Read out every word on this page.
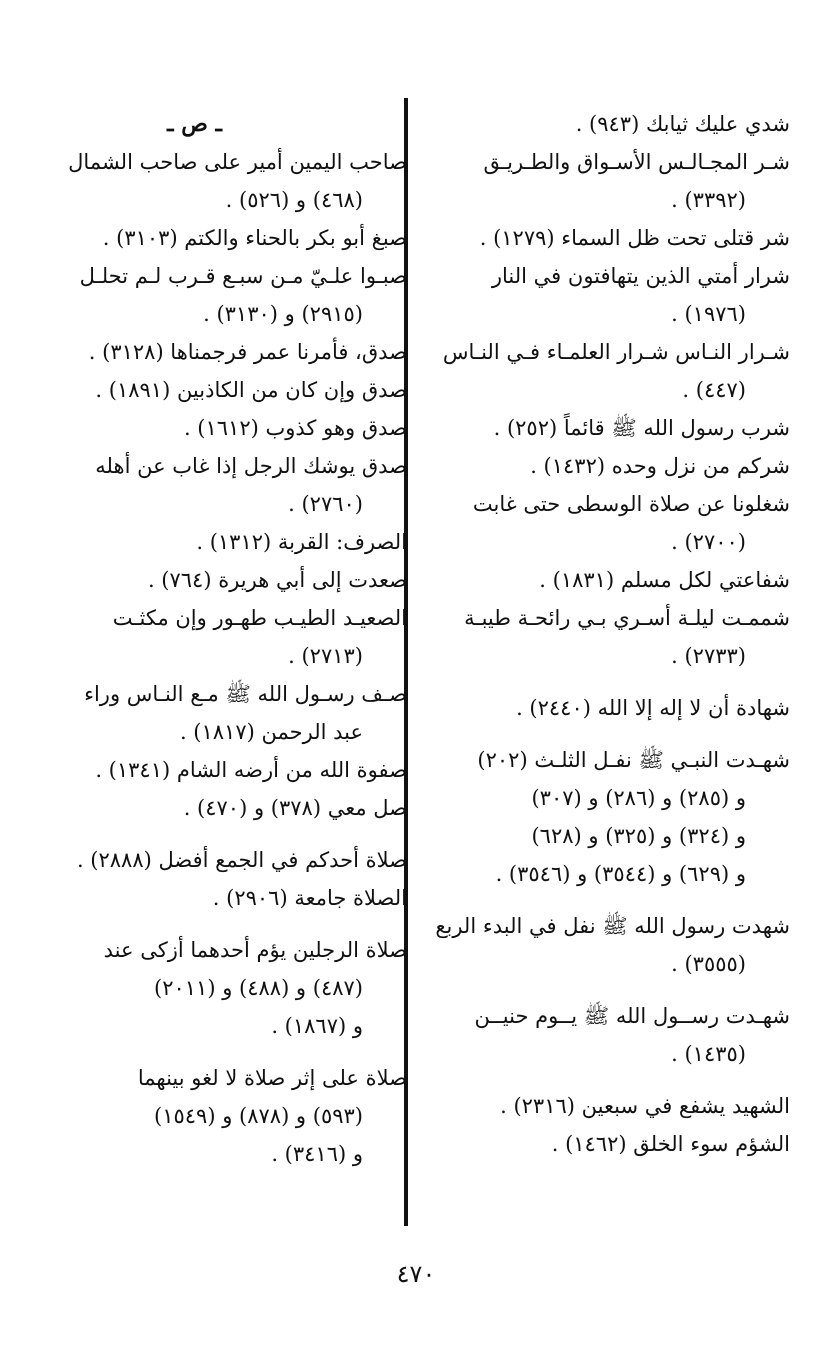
شدي عليك ثيابك (٩٤٣) .
شـر المجـالـس الأسـواق والطـريـق
(٣٣٩٢) .
شر قتلى تحت ظل السماء (١٢٧٩) .
شرار أمتي الذين يتهافتون في النار
(١٩٧٦) .
شـرار النـاس شـرار العلمـاء فـي النـاس
(٤٤٧) .
شرب رسول الله ﷺ قائماً (٢٥٢) .
شركم من نزل وحده (١٤٣٢) .
شغلونا عن صلاة الوسطى حتى غابت
(٢٧٠٠) .
شفاعتي لكل مسلم (١٨٣١) .
شممـت ليلـة أسـري بـي رائحـة طيبـة
(٢٧٣٣) .
شهادة أن لا إله إلا الله (٢٤٤٠) .
شهـدت النبـي ﷺ نفـل الثلـث (٢٠٢)
و (٢٨٥) و (٢٨٦) و (٣٠٧)
و (٣٢٤) و (٣٢٥) و (٦٢٨)
و (٦٢٩) و (٣٥٤٤) و (٣٥٤٦) .
شهدت رسول الله ﷺ نفل في البدء الربع
(٣٥٥٥) .
شهـدت رســول الله ﷺ يــوم حنيــن
(١٤٣٥) .
الشهيد يشفع في سبعين (٢٣١٦) .
الشؤم سوء الخلق (١٤٦٢) .
ـ ص ـ
صاحب اليمين أمير على صاحب الشمال
(٤٦٨) و (٥٢٦) .
صبغ أبو بكر بالحناء والكتم (٣١٠٣) .
صبـوا علـيّ مـن سبـع قـرب لـم تحلـل
(٢٩١٥) و (٣١٣٠) .
صدق، فأمرنا عمر فرجمناها (٣١٢٨) .
صدق وإن كان من الكاذبين (١٨٩١) .
صدق وهو كذوب (١٦١٢) .
صدق يوشك الرجل إذا غاب عن أهله
(٢٧٦٠) .
الصرف: القربة (١٣١٢) .
صعدت إلى أبي هريرة (٧٦٤) .
الصعيـد الطيـب طهـور وإن مكثـت
(٢٧١٣) .
صـف رسـول الله ﷺ مـع النـاس وراء
عبد الرحمن (١٨١٧) .
صفوة الله من أرضه الشام (١٣٤١) .
صل معي (٣٧٨) و (٤٧٠) .
صلاة أحدكم في الجمع أفضل (٢٨٨٨) .
الصلاة جامعة (٢٩٠٦) .
صلاة الرجلين يؤم أحدهما أزكى عند
(٤٨٧) و (٤٨٨) و (٢٠١١)
و (١٨٦٧) .
صلاة على إثر صلاة لا لغو بينهما
(٥٩٣) و (٨٧٨) و (١٥٤٩)
و (٣٤١٦) .
٤٧٠
